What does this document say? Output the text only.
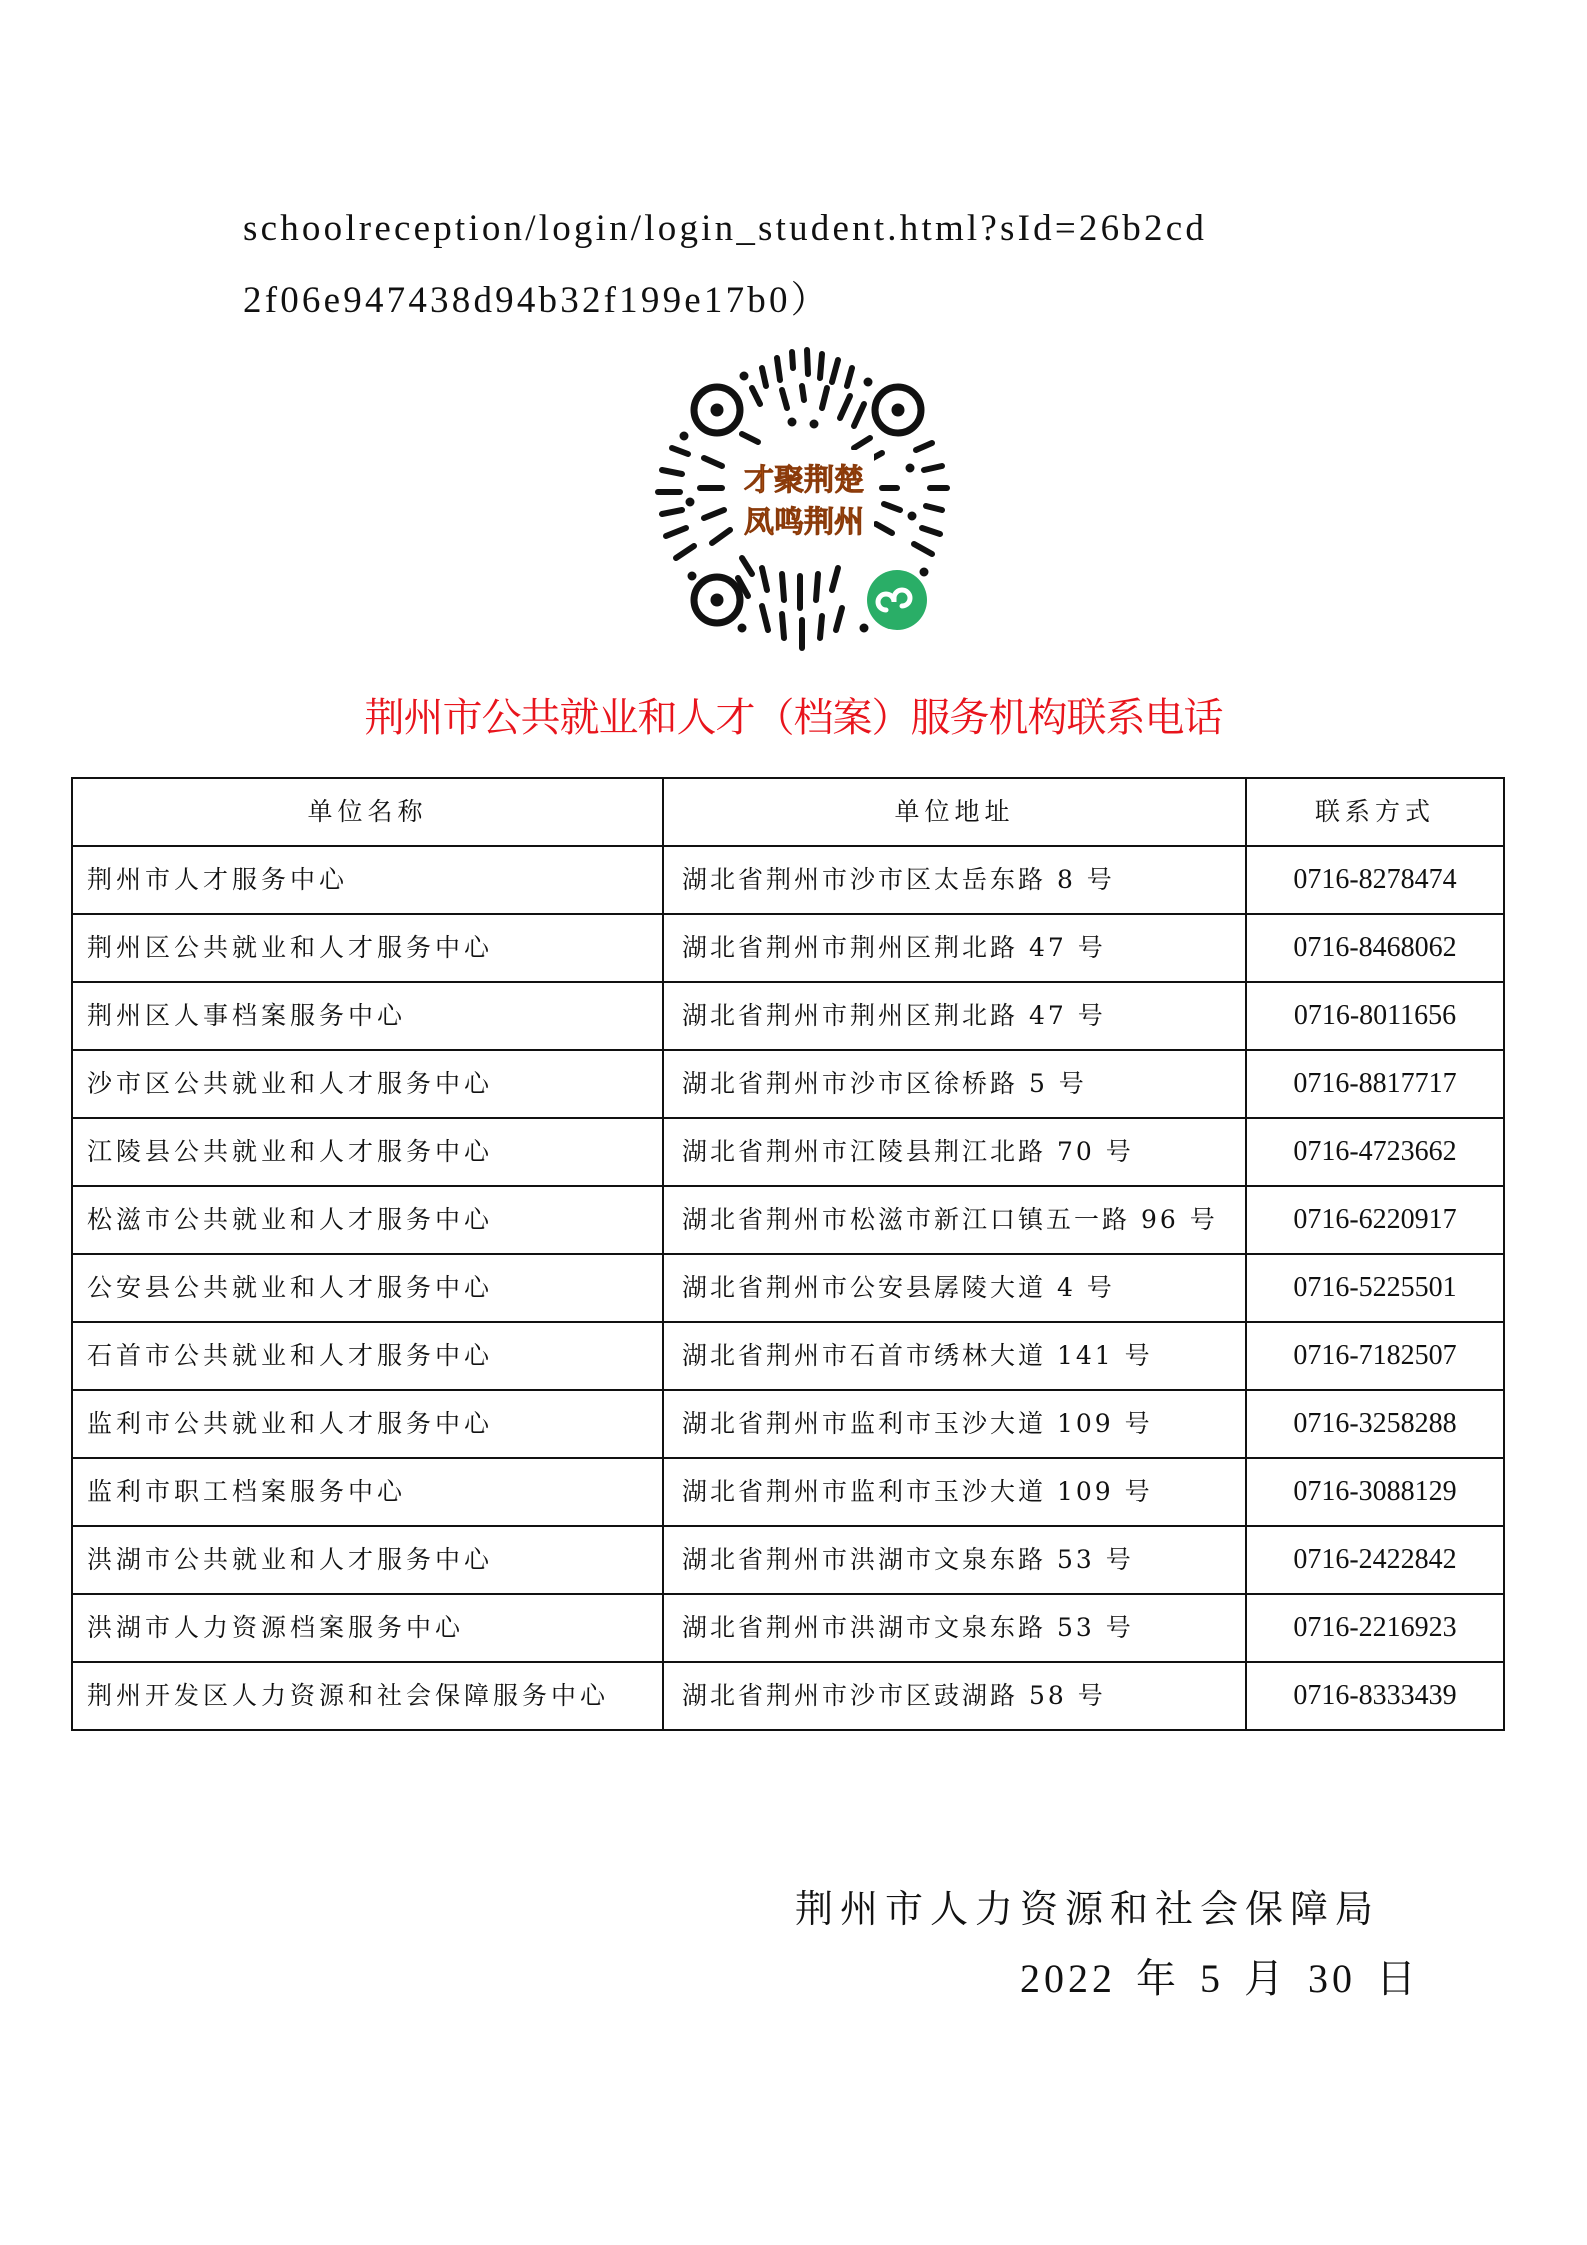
schoolreception/login/login_student.html?sId=26b2cd
2f06e947438d94b32f199e17b0）
才聚荆楚
凤鸣荆州
荆州市公共就业和人才（档案）服务机构联系电话
单位名称	单位地址	联系方式
荆州市人才服务中心	湖北省荆州市沙市区太岳东路 8 号	0716-8278474
荆州区公共就业和人才服务中心	湖北省荆州市荆州区荆北路 47 号	0716-8468062
荆州区人事档案服务中心	湖北省荆州市荆州区荆北路 47 号	0716-8011656
沙市区公共就业和人才服务中心	湖北省荆州市沙市区徐桥路 5 号	0716-8817717
江陵县公共就业和人才服务中心	湖北省荆州市江陵县荆江北路 70 号	0716-4723662
松滋市公共就业和人才服务中心	湖北省荆州市松滋市新江口镇五一路 96 号	0716-6220917
公安县公共就业和人才服务中心	湖北省荆州市公安县孱陵大道 4 号	0716-5225501
石首市公共就业和人才服务中心	湖北省荆州市石首市绣林大道 141 号	0716-7182507
监利市公共就业和人才服务中心	湖北省荆州市监利市玉沙大道 109 号	0716-3258288
监利市职工档案服务中心	湖北省荆州市监利市玉沙大道 109 号	0716-3088129
洪湖市公共就业和人才服务中心	湖北省荆州市洪湖市文泉东路 53 号	0716-2422842
洪湖市人力资源档案服务中心	湖北省荆州市洪湖市文泉东路 53 号	0716-2216923
荆州开发区人力资源和社会保障服务中心	湖北省荆州市沙市区豉湖路 58 号	0716-8333439
荆州市人力资源和社会保障局
2022 年 5 月 30 日
